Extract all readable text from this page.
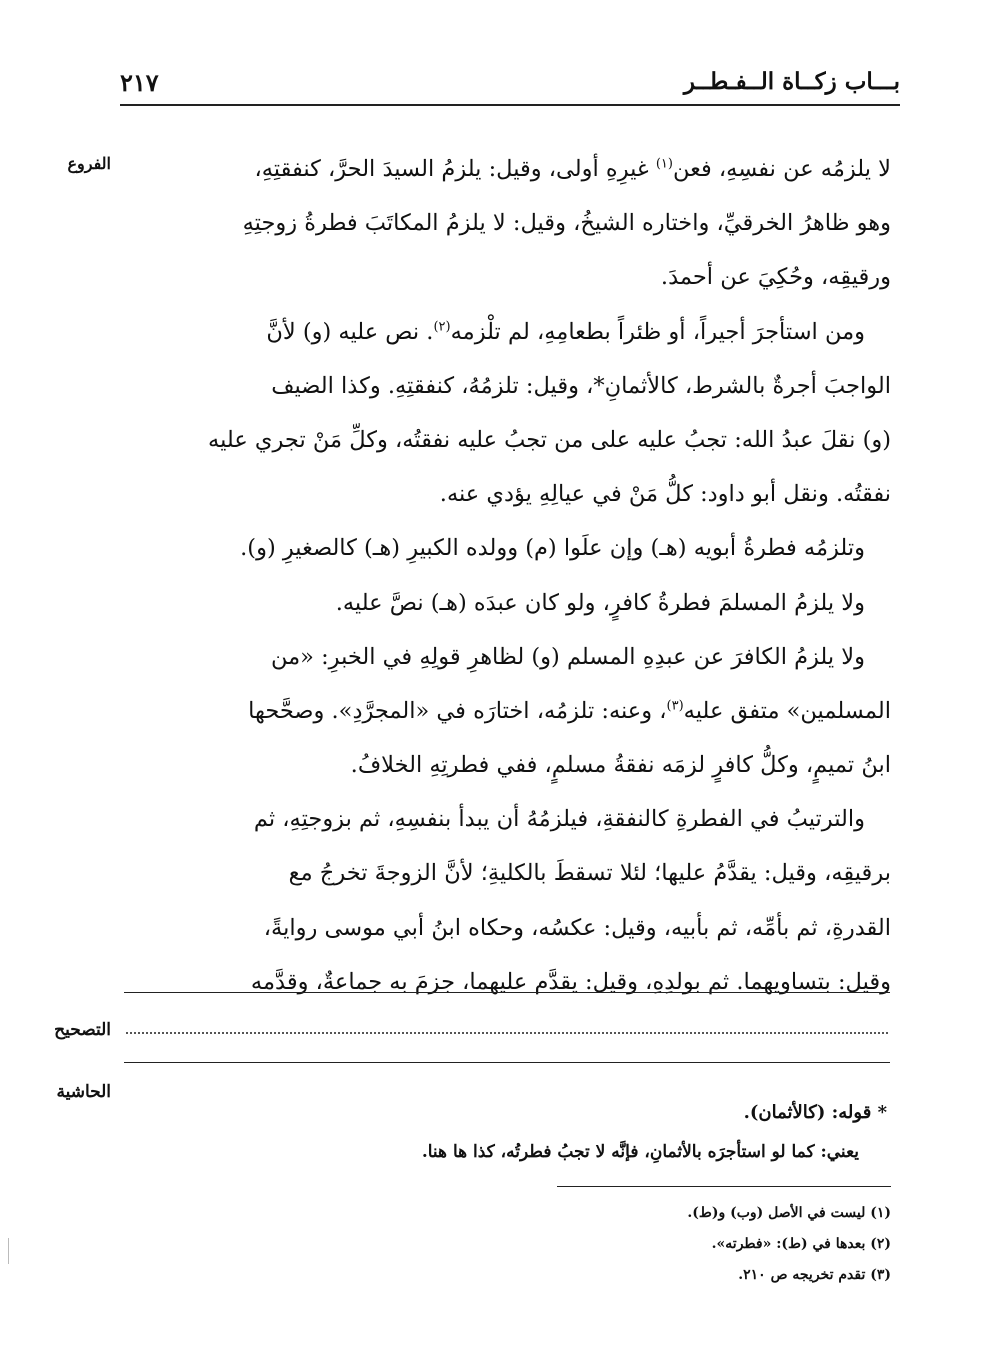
بـــاب زكــاة الــفـطــر
٢١٧
الفروع	لا يلزمُه عن نفسِهِ، فعن$^{(١)}$ غيرِهِ أولى، وقيل: يلزمُ السيدَ الحرَّ، كنفقتِهِ،
وهو ظاهرُ الخرقيِّ، واختاره الشيخُ، وقيل: لا يلزمُ المكاتَبَ فطرةُ زوجتِهِ
ورقيقِه، وحُكِيَ عن أحمدَ.
ومن استأجرَ أجيراً، أو ظئراً بطعامِهِ، لم تلْزمه$^{(٢)}$. نص عليه (و) لأنَّ
الواجبَ أجرةٌ بالشرط، كالأثمانِ*، وقيل: تلزمُهُ، كنفقتِهِ. وكذا الضيف
(و) نقلَ عبدُ الله: تجبُ عليه على من تجبُ عليه نفقتُه، وكلِّ مَنْ تجري عليه
نفقتُه. ونقل أبو داود: كلُّ مَنْ في عيالِهِ يؤدي عنه.
وتلزمُه فطرةُ أبويه (هـ) وإن علَوا (م) وولده الكبيرِ (هـ) كالصغيرِ (و).
ولا يلزمُ المسلمَ فطرةُ كافرٍ، ولو كان عبدَه (هـ) نصَّ عليه.
ولا يلزمُ الكافرَ عن عبدِهِ المسلم (و) لظاهرِ قولِهِ في الخبرِ: «من
المسلمين» متفق عليه$^{(٣)}$، وعنه: تلزمُه، اختارَه في «المجرَّدِ». وصحَّحها
ابنُ تميمٍ، وكلُّ كافرٍ لزمَه نفقةُ مسلمٍ، ففي فطرتِهِ الخلافُ.
والترتيبُ في الفطرةِ كالنفقةِ، فيلزمُهُ أن يبدأ بنفسِهِ، ثم بزوجتِهِ، ثم
برقيقِه، وقيل: يقدَّمُ عليها؛ لئلا تسقطَ بالكليةِ؛ لأنَّ الزوجةَ تخرجُ مع
القدرةِ، ثم بأمِّه، ثم بأبيه، وقيل: عكسُه، وحكاه ابنُ أبي موسى روايةً،
وقيل: بتساويهما. ثم بولدِهِ، وقيل: يقدَّم عليهما، جزمَ به جماعةٌ، وقدَّمه
التصحيح
الحاشية
* قوله: (كالأثمان).
يعني: كما لو استأجرَه بالأثمانِ، فإنَّه لا تجبُ فطرتُه، كذا ها هنا.
(١) ليست في الأصل (وب) و(ط).
(٢) بعدها في (ط): «فطرته».
(٣) تقدم تخريجه ص ٢١٠.
